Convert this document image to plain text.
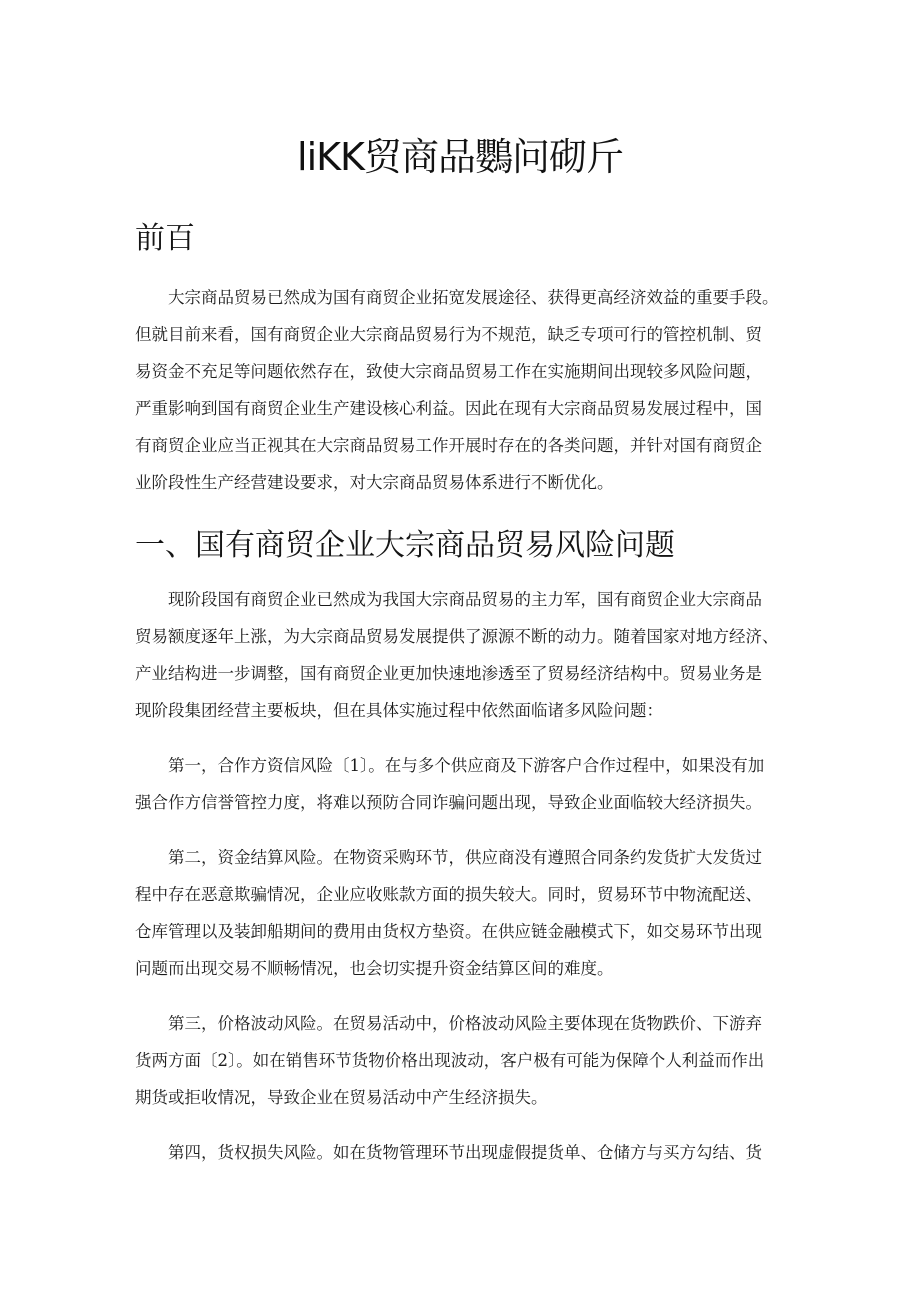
liKK贸商品鸚问砌斤
前百
大宗商品贸易已然成为国有商贸企业拓宽发展途径、获得更高经济效益的重要手段。
但就目前来看，国有商贸企业大宗商品贸易行为不规范，缺乏专项可行的管控机制、贸
易资金不充足等问题依然存在，致使大宗商品贸易工作在实施期间出现较多风险问题，
严重影响到国有商贸企业生产建设核心利益。因此在现有大宗商品贸易发展过程中，国
有商贸企业应当正视其在大宗商品贸易工作开展时存在的各类问题，并针对国有商贸企
业阶段性生产经营建设要求，对大宗商品贸易体系进行不断优化。
一、国有商贸企业大宗商品贸易风险问题
现阶段国有商贸企业已然成为我国大宗商品贸易的主力军，国有商贸企业大宗商品
贸易额度逐年上涨，为大宗商品贸易发展提供了源源不断的动力。随着国家对地方经济、
产业结构进一步调整，国有商贸企业更加快速地渗透至了贸易经济结构中。贸易业务是
现阶段集团经营主要板块，但在具体实施过程中依然面临诸多风险问题：
第一，合作方资信风险〔1〕。在与多个供应商及下游客户合作过程中，如果没有加
强合作方信誉管控力度，将难以预防合同诈骗问题出现，导致企业面临较大经济损失。
第二，资金结算风险。在物资采购环节，供应商没有遵照合同条约发货扩大发货过
程中存在恶意欺骗情况，企业应收账款方面的损失较大。同时，贸易环节中物流配送、
仓库管理以及装卸船期间的费用由货权方垫资。在供应链金融模式下，如交易环节出现
问题而出现交易不顺畅情况，也会切实提升资金结算区间的难度。
第三，价格波动风险。在贸易活动中，价格波动风险主要体现在货物跌价、下游弃
货两方面〔2〕。如在销售环节货物价格出现波动，客户极有可能为保障个人利益而作出
期货或拒收情况，导致企业在贸易活动中产生经济损失。
第四，货权损失风险。如在货物管理环节出现虚假提货单、仓储方与买方勾结、货
